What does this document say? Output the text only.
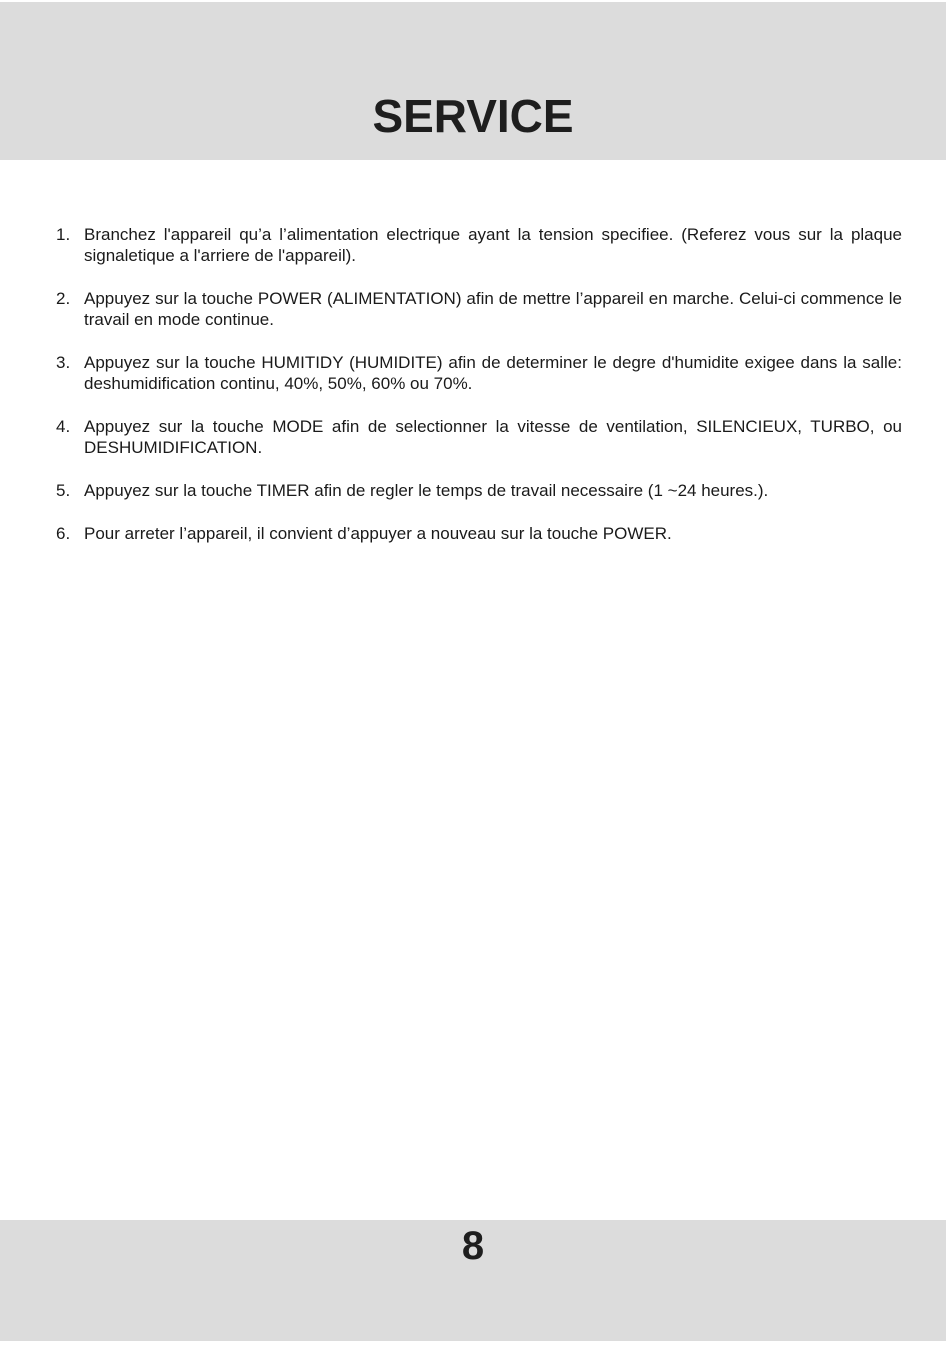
SERVICE
1. Branchez l'appareil qu’a l’alimentation electrique ayant la tension specifiee. (Referez vous sur la plaque signaletique a l'arriere de l'appareil).
2. Appuyez sur la touche POWER (ALIMENTATION) afin de mettre l’appareil en marche. Celui-ci commence le travail en mode continue.
3. Appuyez sur la touche HUMITIDY (HUMIDITE) afin de determiner le degre d'humidite exigee dans la salle: deshumidification continu, 40%, 50%, 60% ou 70%.
4. Appuyez sur la touche MODE afin de selectionner la vitesse de ventilation, SILENCIEUX, TURBO, ou DESHUMIDIFICATION.
5. Appuyez sur la touche TIMER afin de regler le temps de travail necessaire (1 ~24 heures.).
6. Pour arreter l’appareil, il convient d’appuyer a nouveau sur la touche POWER.
8
